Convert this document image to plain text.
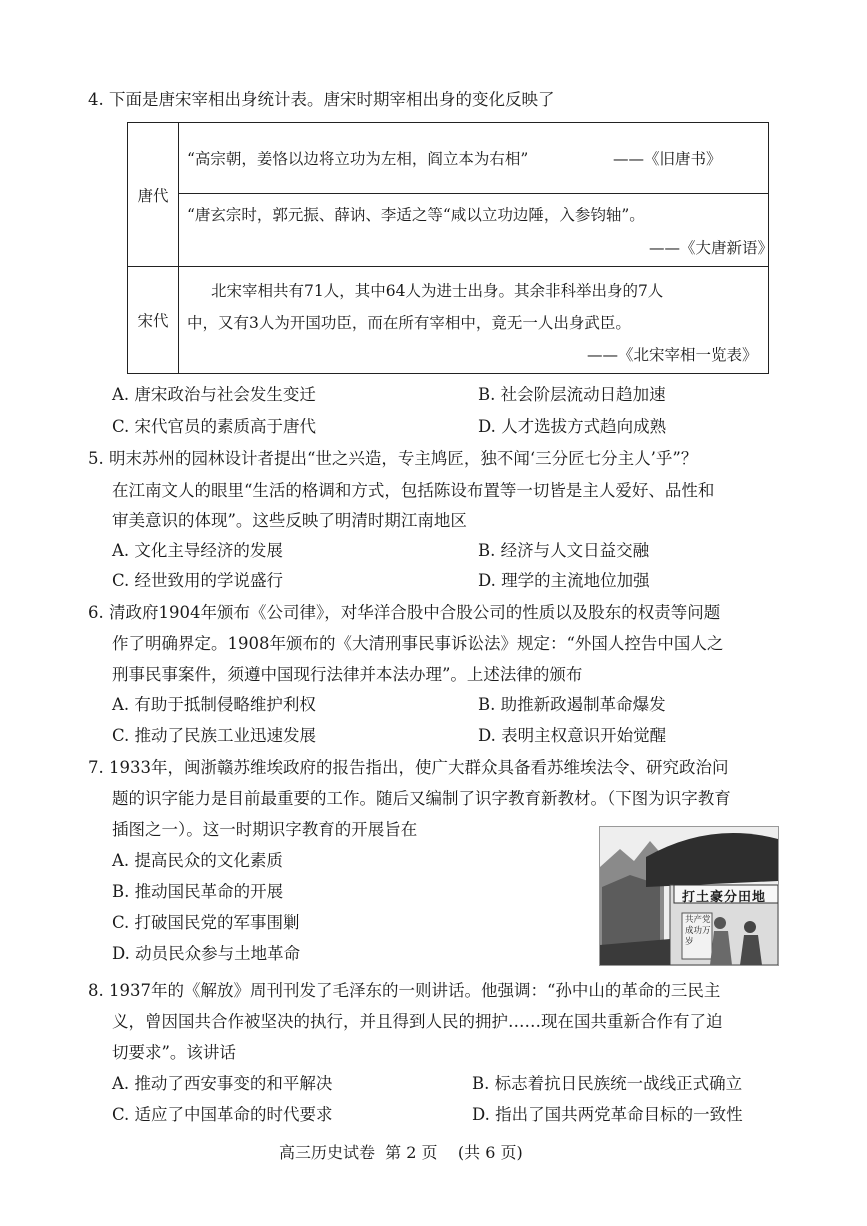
4. 下面是唐宋宰相出身统计表。唐宋时期宰相出身的变化反映了
唐代	“高宗朝，姜恪以边将立功为左相，阎立本为右相” ——《旧唐书》

	“唐玄宗时，郭元振、薛讷、李适之等“咸以立功边陲，入参钧轴”。
——《大唐新语》

宋代	北宋宰相共有71人，其中64人为进士出身。其余非科举出身的7人
中，又有3人为开国功臣，而在所有宰相中，竟无一人出身武臣。
——《北宋宰相一览表》
A. 唐宋政治与社会发生变迁	B. 社会阶层流动日趋加速
C. 宋代官员的素质高于唐代	D. 人才选拔方式趋向成熟
5. 明末苏州的园林设计者提出“世之兴造，专主鸠匠，独不闻‘三分匠七分主人’乎”？
在江南文人的眼里“生活的格调和方式，包括陈设布置等一切皆是主人爱好、品性和
审美意识的体现”。这些反映了明清时期江南地区
A. 文化主导经济的发展	B. 经济与人文日益交融
C. 经世致用的学说盛行	D. 理学的主流地位加强
6. 清政府1904年颁布《公司律》，对华洋合股中合股公司的性质以及股东的权责等问题
作了明确界定。1908年颁布的《大清刑事民事诉讼法》规定：“外国人控告中国人之
刑事民事案件，须遵中国现行法律并本法办理”。上述法律的颁布
A. 有助于抵制侵略维护利权	B. 助推新政遏制革命爆发
C. 推动了民族工业迅速发展	D. 表明主权意识开始觉醒
7. 1933年，闽浙赣苏维埃政府的报告指出，使广大群众具备看苏维埃法令、研究政治问
题的识字能力是目前最重要的工作。随后又编制了识字教育新教材。（下图为识字教育
插图之一）。这一时期识字教育的开展旨在
A. 提高民众的文化素质
B. 推动国民革命的开展
C. 打破国民党的军事围剿
D. 动员民众参与土地革命
打土豪分田地
共产党成功万岁
8. 1937年的《解放》周刊刊发了毛泽东的一则讲话。他强调：“孙中山的革命的三民主
义，曾因国共合作被坚决的执行，并且得到人民的拥护……现在国共重新合作有了迫
切要求”。该讲话
A. 推动了西安事变的和平解决	B. 标志着抗日民族统一战线正式确立
C. 适应了中国革命的时代要求	D. 指出了国共两党革命目标的一致性
高三历史试卷  第 2 页    (共 6 页)
